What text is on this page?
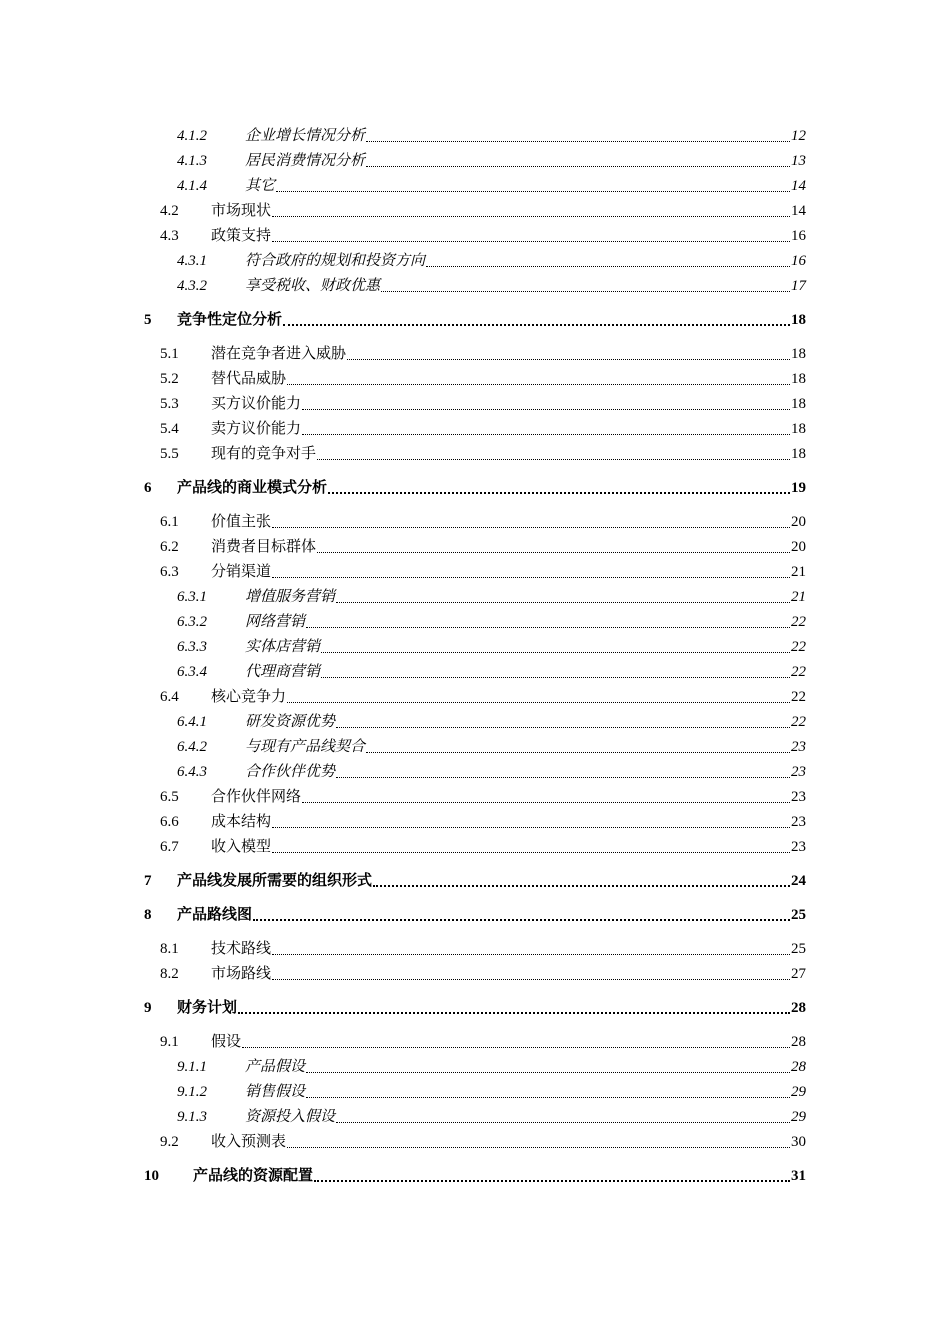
4.1.2	企业增长情况分析	12
4.1.3	居民消费情况分析	13
4.1.4	其它	14
4.2 市场现状	14
4.3 政策支持	16
4.3.1	符合政府的规划和投资方向	16
4.3.2	享受税收、财政优惠	17
5 竞争性定位分析	18
5.1 潜在竞争者进入威胁	18
5.2 替代品威胁	18
5.3 买方议价能力	18
5.4 卖方议价能力	18
5.5 现有的竞争对手	18
6 产品线的商业模式分析	19
6.1 价值主张	20
6.2 消费者目标群体	20
6.3 分销渠道	21
6.3.1	增值服务营销	21
6.3.2	网络营销	22
6.3.3	实体店营销	22
6.3.4	代理商营销	22
6.4 核心竞争力	22
6.4.1	研发资源优势	22
6.4.2	与现有产品线契合	23
6.4.3	合作伙伴优势	23
6.5 合作伙伴网络	23
6.6 成本结构	23
6.7 收入模型	23
7 产品线发展所需要的组织形式	24
8 产品路线图	25
8.1 技术路线	25
8.2 市场路线	27
9 财务计划	28
9.1 假设	28
9.1.1	产品假设	28
9.1.2	销售假设	29
9.1.3	资源投入假设	29
9.2 收入预测表	30
10 产品线的资源配置	31
